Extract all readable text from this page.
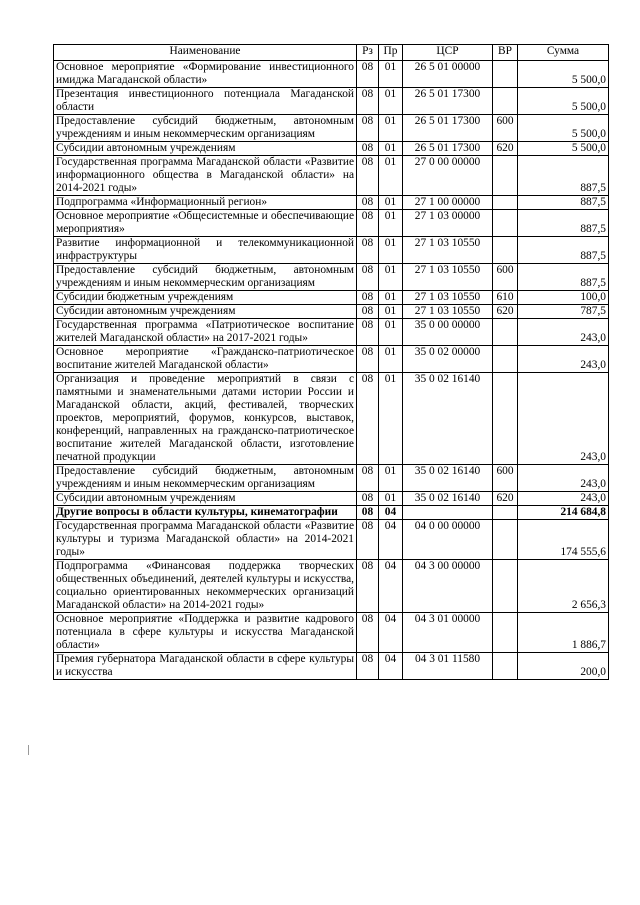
Наименование	Рз	Пр	ЦСР	ВР	Сумма
Основное мероприятие «Формирование инвестиционного имиджа Магаданской области»	08	01	26 5 01 00000		5 500,0
Презентация инвестиционного потенциала Магаданской области	08	01	26 5 01 17300		5 500,0
Предоставление субсидий бюджетным, автономным учреждениям и иным некоммерческим организациям	08	01	26 5 01 17300	600	5 500,0
Субсидии автономным учреждениям	08	01	26 5 01 17300	620	5 500,0
Государственная программа Магаданской области «Развитие информационного общества в Магаданской области» на 2014-2021 годы»	08	01	27 0 00 00000		887,5
Подпрограмма «Информационный регион»	08	01	27 1 00 00000		887,5
Основное мероприятие «Общесистемные и обеспечивающие мероприятия»	08	01	27 1 03 00000		887,5
Развитие информационной и телекоммуникационной инфраструктуры	08	01	27 1 03 10550		887,5
Предоставление субсидий бюджетным, автономным учреждениям и иным некоммерческим организациям	08	01	27 1 03 10550	600	887,5
Субсидии бюджетным учреждениям	08	01	27 1 03 10550	610	100,0
Субсидии автономным учреждениям	08	01	27 1 03 10550	620	787,5
Государственная программа «Патриотическое воспитание жителей Магаданской области» на 2017-2021 годы»	08	01	35 0 00 00000		243,0
Основное мероприятие «Гражданско-патриотическое воспитание жителей Магаданской области»	08	01	35 0 02 00000		243,0
Организация и проведение мероприятий в связи с памятными и знаменательными датами истории России и Магаданской области, акций, фестивалей, творческих проектов, мероприятий, форумов, конкурсов, выставок, конференций, направленных на гражданско-патриотическое воспитание жителей Магаданской области, изготовление печатной продукции	08	01	35 0 02 16140		243,0
Предоставление субсидий бюджетным, автономным учреждениям и иным некоммерческим организациям	08	01	35 0 02 16140	600	243,0
Субсидии автономным учреждениям	08	01	35 0 02 16140	620	243,0
Другие вопросы в области культуры, кинематографии	08	04			214 684,8
Государственная программа Магаданской области «Развитие культуры и туризма Магаданской области» на 2014-2021 годы»	08	04	04 0 00 00000		174 555,6
Подпрограмма «Финансовая поддержка творческих общественных объединений, деятелей культуры и искусства, социально ориентированных некоммерческих организаций Магаданской области» на 2014-2021 годы»	08	04	04 3 00 00000		2 656,3
Основное мероприятие «Поддержка и развитие кадрового потенциала в сфере культуры и искусства Магаданской области»	08	04	04 3 01 00000		1 886,7
Премия губернатора Магаданской области в сфере культуры и искусства	08	04	04 3 01 11580		200,0
